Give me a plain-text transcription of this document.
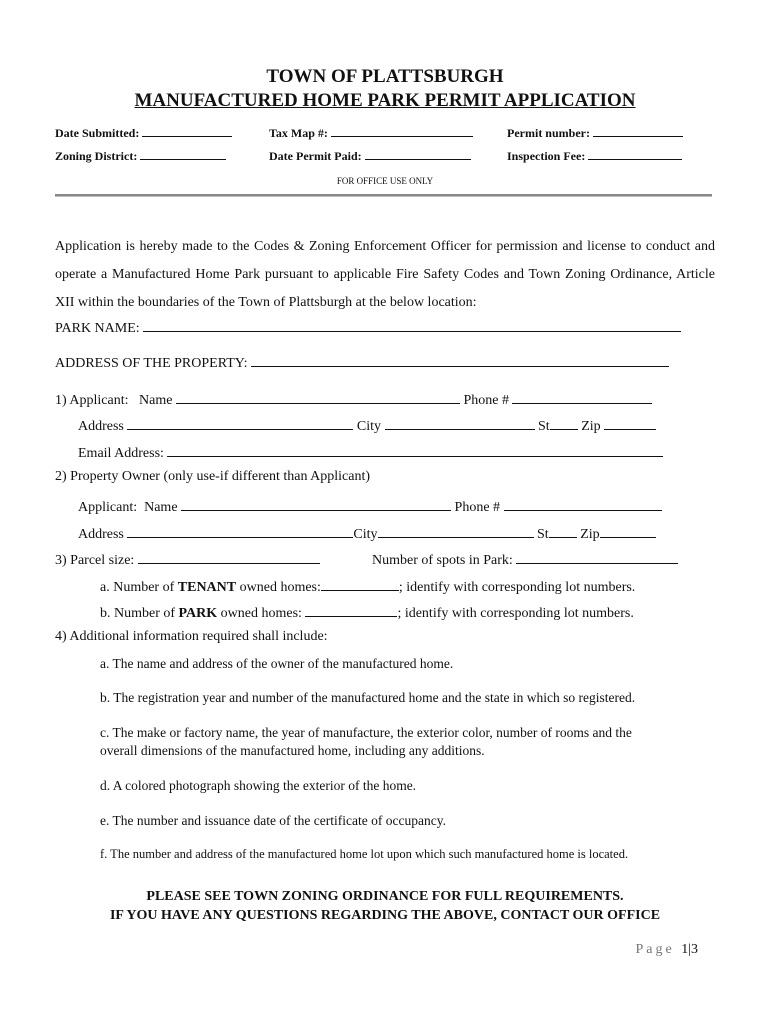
TOWN OF PLATTSBURGH
MANUFACTURED HOME PARK PERMIT APPLICATION
Date Submitted:	Tax Map #:	Permit number:
Zoning District:	Date Permit Paid:	Inspection Fee:
FOR OFFICE USE ONLY
Application is hereby made to the Codes & Zoning Enforcement Officer for permission and license to conduct and operate a Manufactured Home Park pursuant to applicable Fire Safety Codes and Town Zoning Ordinance, Article XII within the boundaries of the Town of Plattsburgh at the below location:
PARK NAME:
ADDRESS OF THE PROPERTY:
1) Applicant: Name	Phone #
Address	City	St Zip
Email Address:
2) Property Owner (only use-if different than Applicant)
Applicant: Name	Phone #
Address	City	St Zip
3) Parcel size:	Number of spots in Park:
a. Number of TENANT owned homes:	; identify with corresponding lot numbers.
b. Number of PARK owned homes:	; identify with corresponding lot numbers.
4) Additional information required shall include:
a. The name and address of the owner of the manufactured home.
b. The registration year and number of the manufactured home and the state in which so registered.
c. The make or factory name, the year of manufacture, the exterior color, number of rooms and the
overall dimensions of the manufactured home, including any additions.
d. A colored photograph showing the exterior of the home.
e. The number and issuance date of the certificate of occupancy.
f. The number and address of the manufactured home lot upon which such manufactured home is located.
PLEASE SEE TOWN ZONING ORDINANCE FOR FULL REQUIREMENTS.
IF YOU HAVE ANY QUESTIONS REGARDING THE ABOVE, CONTACT OUR OFFICE
Page 1|3
